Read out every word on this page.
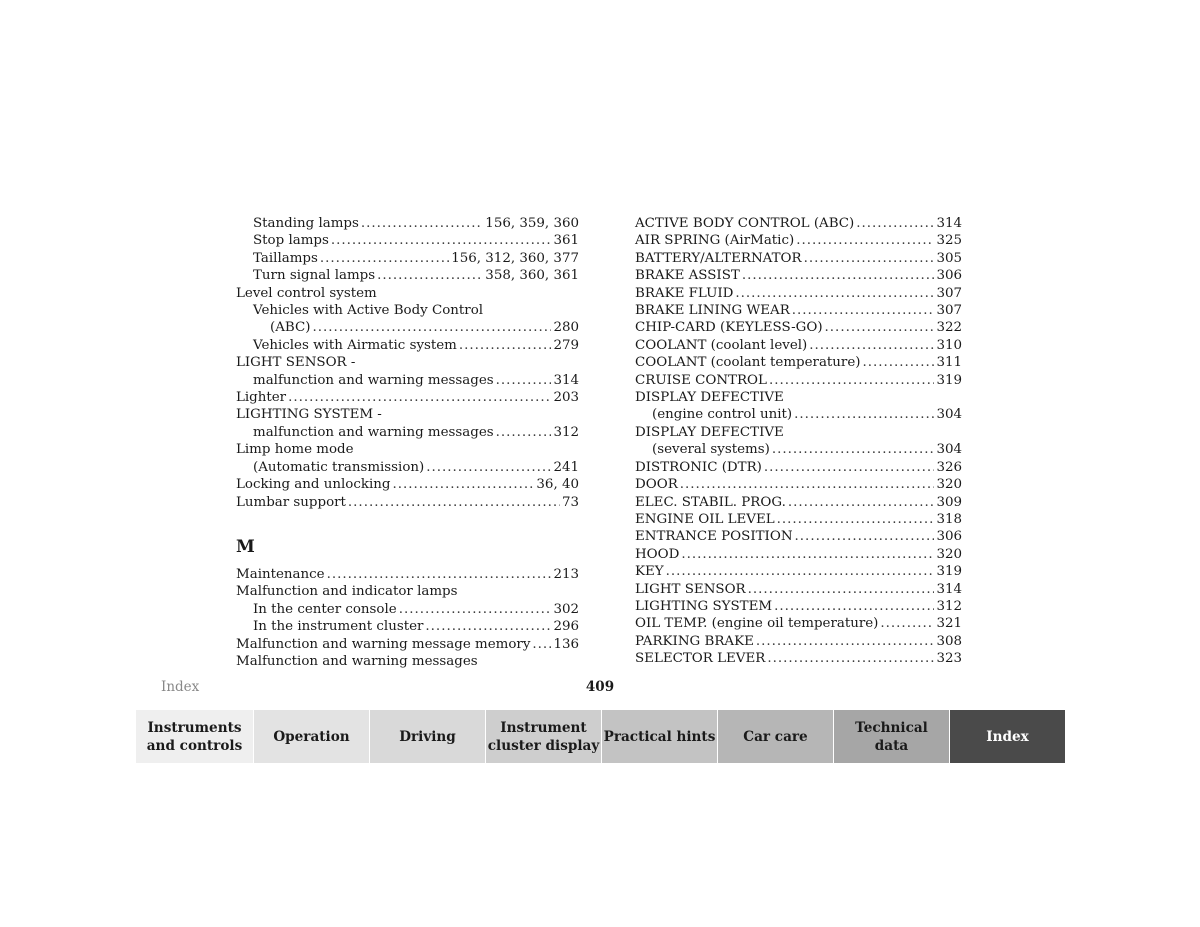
Standing lamps .....	156, 359, 360
Stop lamps .....	361
Taillamps .....	156, 312, 360, 377
Turn signal lamps .....	358, 360, 361
Level control system
Vehicles with Active Body Control
(ABC) .....	280
Vehicles with Airmatic system .....	279
LIGHT SENSOR -
malfunction and warning messages .....	314
Lighter .....	203
LIGHTING SYSTEM -
malfunction and warning messages .....	312
Limp home mode
(Automatic transmission) .....	241
Locking and unlocking .....	36, 40
Lumbar support .....	73
M
Maintenance .....	213
Malfunction and indicator lamps
In the center console .....	302
In the instrument cluster .....	296
Malfunction and warning message memory ..... 136
Malfunction and warning messages
ACTIVE BODY CONTROL (ABC) .....	314
AIR SPRING (AirMatic) .....	325
BATTERY/ALTERNATOR .....	305
BRAKE ASSIST .....	306
BRAKE FLUID .....	307
BRAKE LINING WEAR .....	307
CHIP-CARD (KEYLESS-GO) .....	322
COOLANT (coolant level) .....	310
COOLANT (coolant temperature) .....	311
CRUISE CONTROL .....	319
DISPLAY DEFECTIVE
(engine control unit) .....	304
DISPLAY DEFECTIVE
(several systems) .....	304
DISTRONIC (DTR) .....	326
DOOR .....	320
ELEC. STABIL. PROG. .....	309
ENGINE OIL LEVEL .....	318
ENTRANCE POSITION .....	306
HOOD .....	320
KEY .....	319
LIGHT SENSOR .....	314
LIGHTING SYSTEM .....	312
OIL TEMP. (engine oil temperature) .....	321
PARKING BRAKE .....	308
SELECTOR LEVER .....	323
Index	409
Instruments
and controls
Operation	Driving
Instrument
cluster display
Practical hints Car care
Technical
data
Index
